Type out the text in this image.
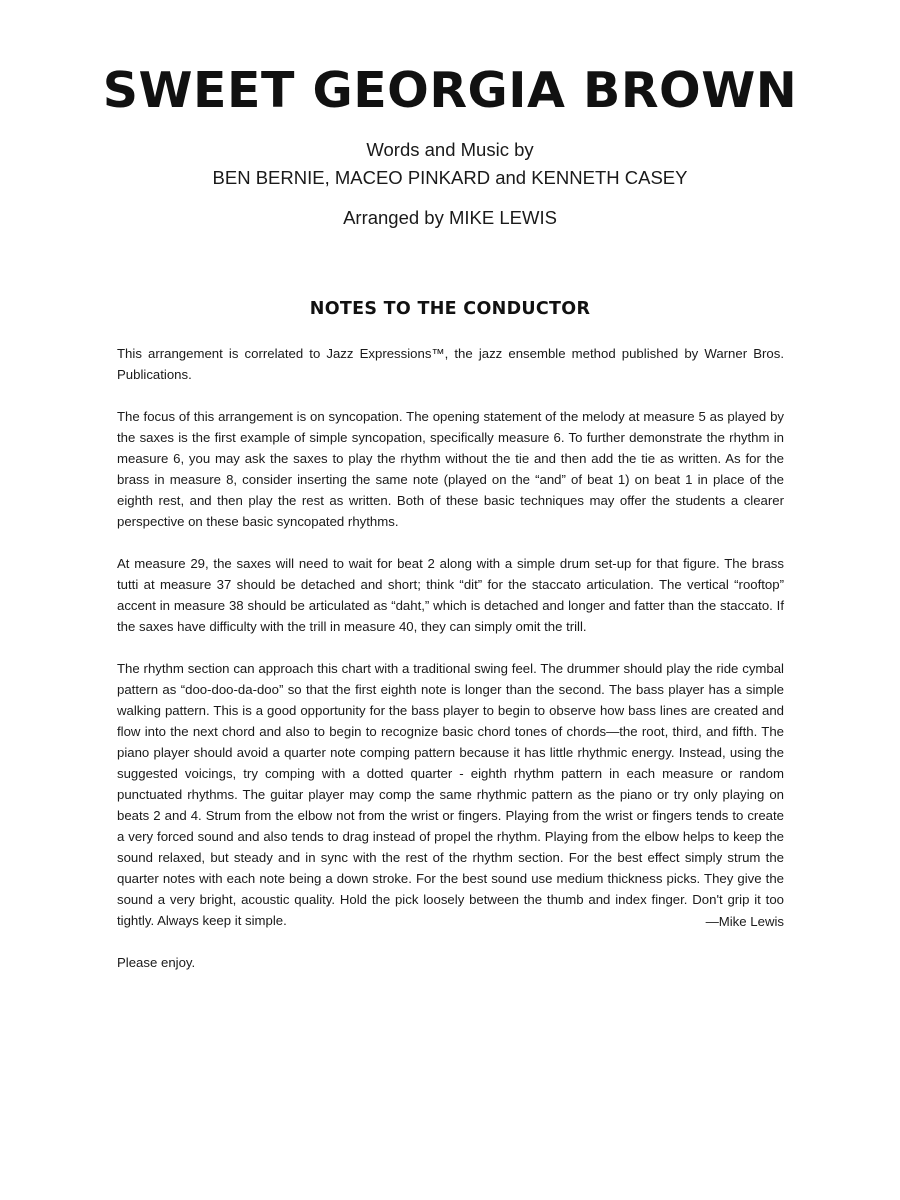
SWEET GEORGIA BROWN
Words and Music by
BEN BERNIE, MACEO PINKARD and KENNETH CASEY
Arranged by MIKE LEWIS
NOTES TO THE CONDUCTOR

This arrangement is correlated to Jazz Expressions™, the jazz ensemble method published by Warner Bros. Publications.

The focus of this arrangement is on syncopation. The opening statement of the melody at measure 5 as played by the saxes is the first example of simple syncopation, specifically measure 6. To further demonstrate the rhythm in measure 6, you may ask the saxes to play the rhythm without the tie and then add the tie as written. As for the brass in measure 8, consider inserting the same note (played on the “and” of beat 1) on beat 1 in place of the eighth rest, and then play the rest as written. Both of these basic techniques may offer the students a clearer perspective on these basic syncopated rhythms.

At measure 29, the saxes will need to wait for beat 2 along with a simple drum set-up for that figure. The brass tutti at measure 37 should be detached and short; think “dit” for the staccato articulation. The vertical “rooftop” accent in measure 38 should be articulated as “daht,” which is detached and longer and fatter than the staccato. If the saxes have difficulty with the trill in measure 40, they can simply omit the trill.

The rhythm section can approach this chart with a traditional swing feel. The drummer should play the ride cymbal pattern as “doo-doo-da-doo” so that the first eighth note is longer than the second. The bass player has a simple walking pattern. This is a good opportunity for the bass player to begin to observe how bass lines are created and flow into the next chord and also to begin to recognize basic chord tones of chords—the root, third, and fifth. The piano player should avoid a quarter note comping pattern because it has little rhythmic energy. Instead, using the suggested voicings, try comping with a dotted quarter - eighth rhythm pattern in each measure or random punctuated rhythms. The guitar player may comp the same rhythmic pattern as the piano or try only playing on beats 2 and 4. Strum from the elbow not from the wrist or fingers. Playing from the wrist or fingers tends to create a very forced sound and also tends to drag instead of propel the rhythm. Playing from the elbow helps to keep the sound relaxed, but steady and in sync with the rest of the rhythm section. For the best effect simply strum the quarter notes with each note being a down stroke. For the best sound use medium thickness picks. They give the sound a very bright, acoustic quality. Hold the pick loosely between the thumb and index finger. Don't grip it too tightly. Always keep it simple.

Please enjoy.

—Mike Lewis
